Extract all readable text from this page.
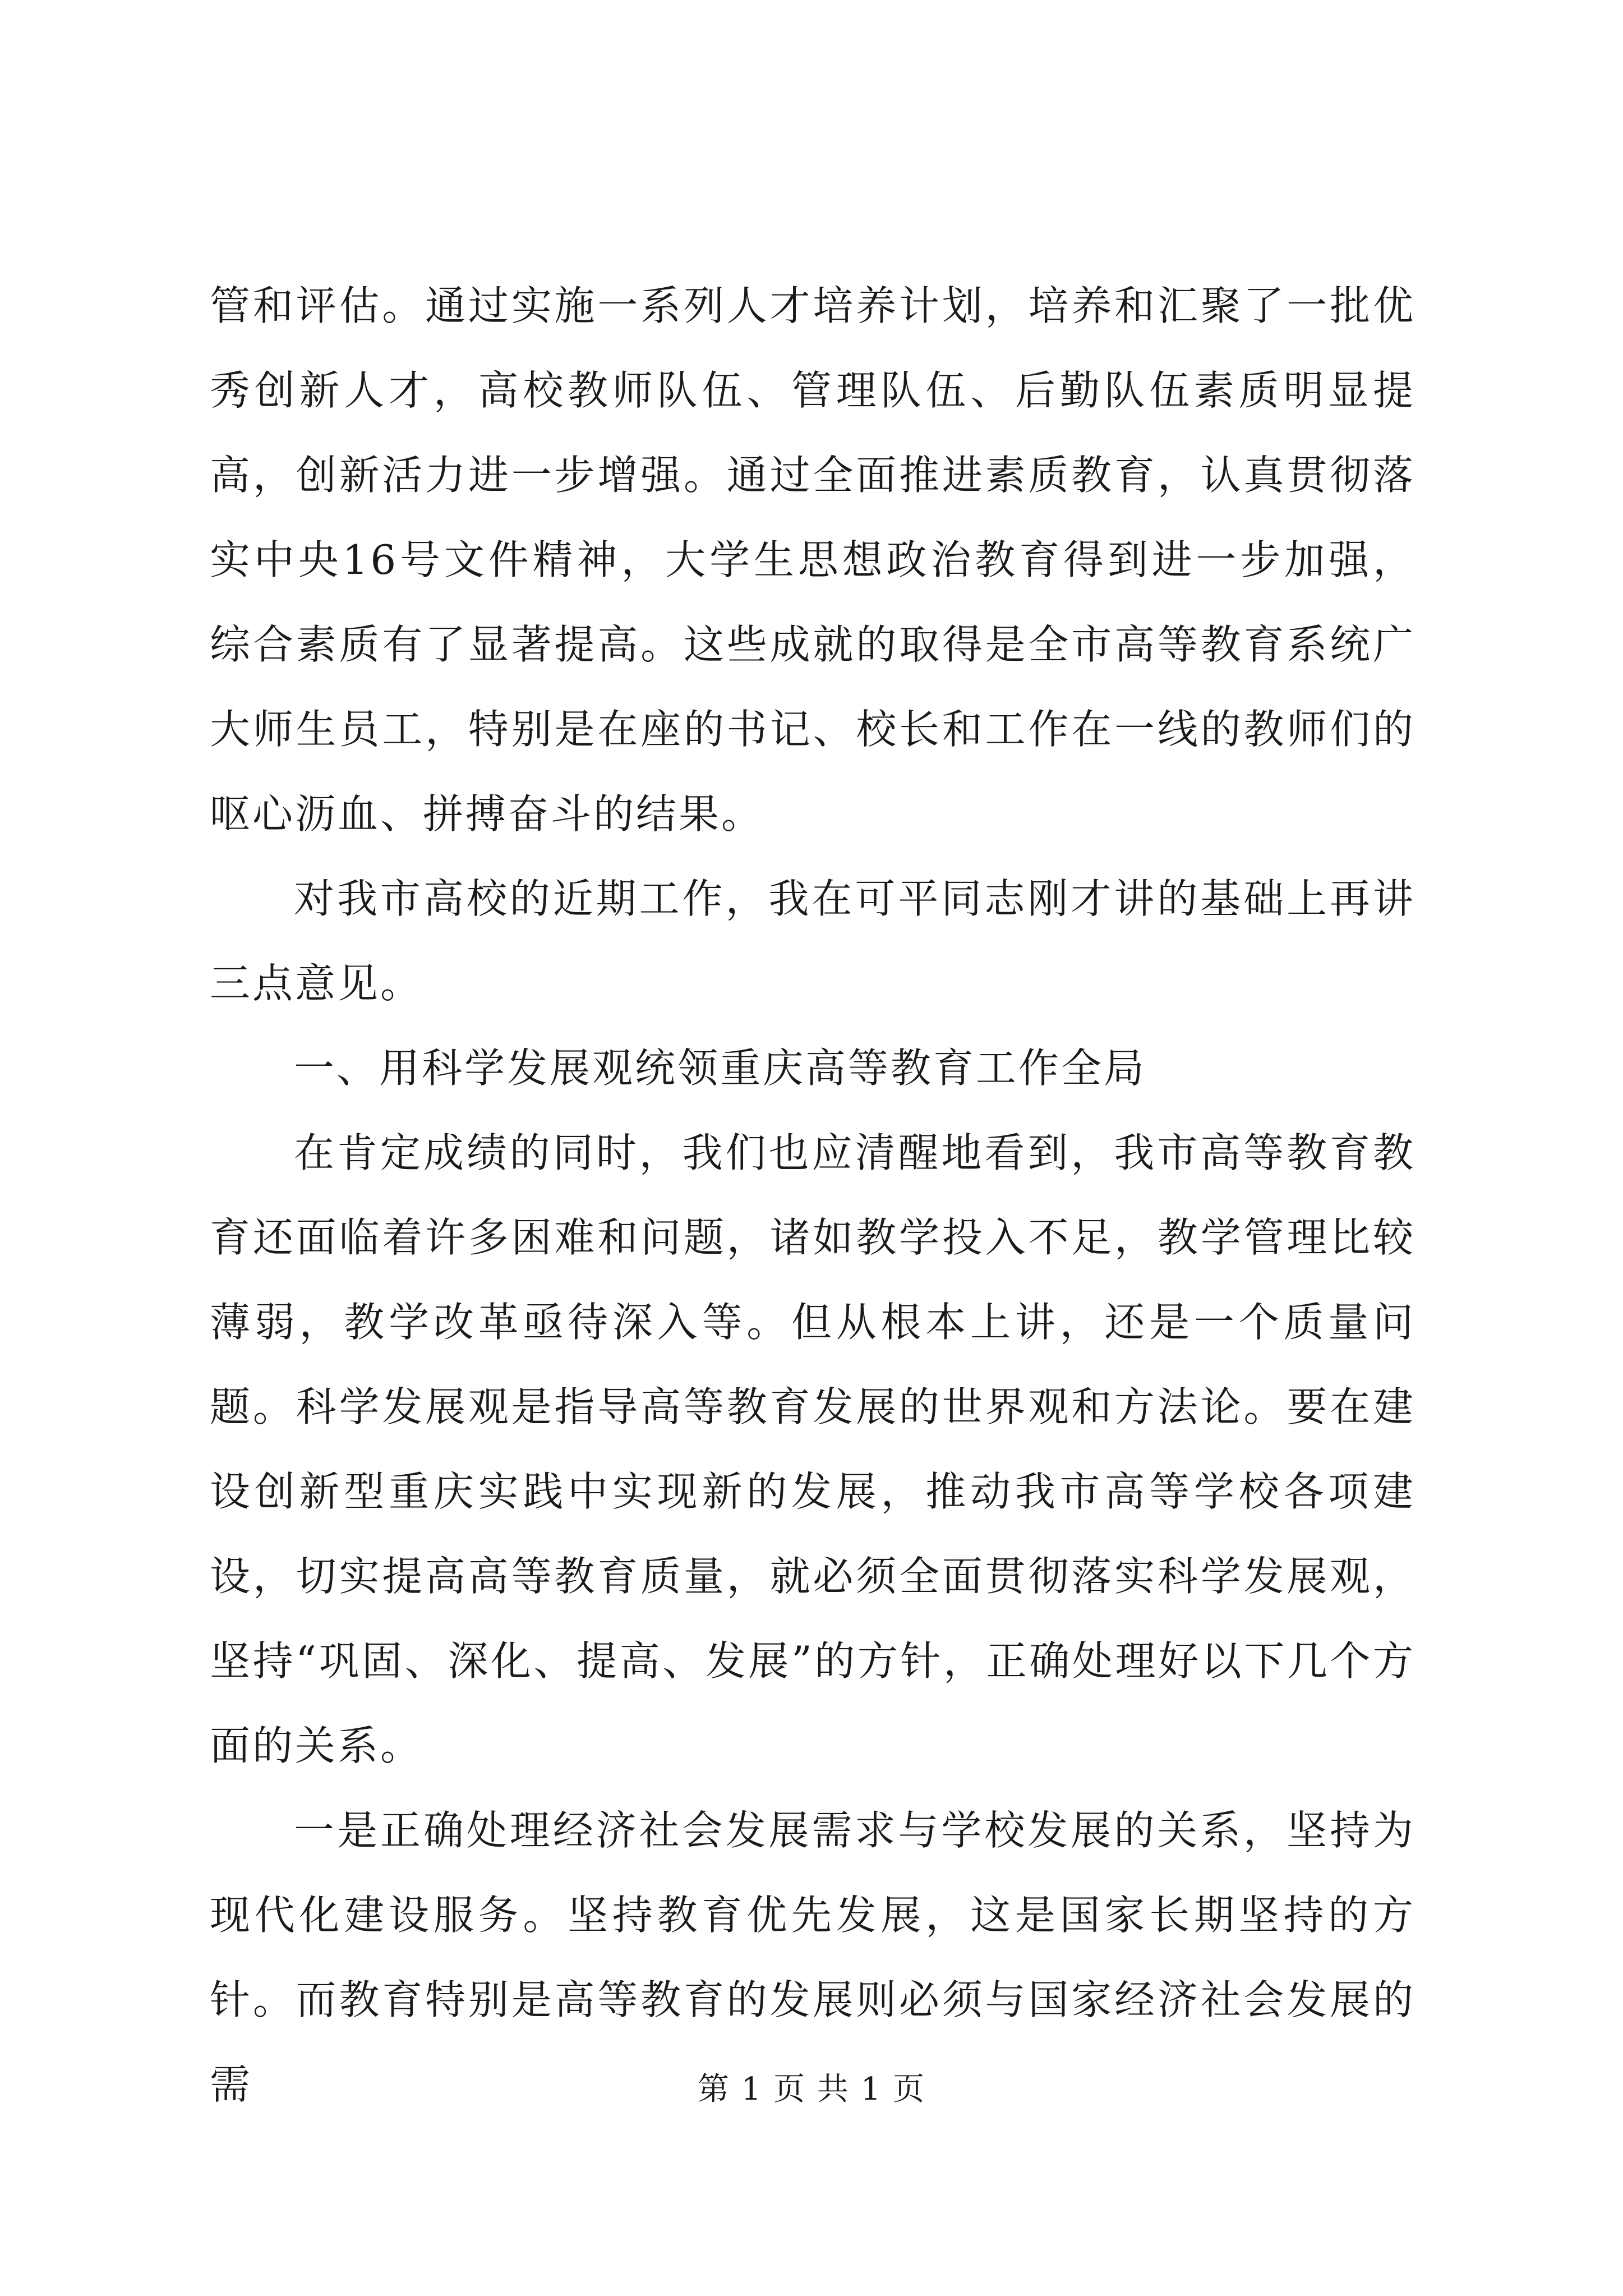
管和评估。通过实施一系列人才培养计划，培养和汇聚了一批优秀创新人才，高校教师队伍、管理队伍、后勤队伍素质明显提高，创新活力进一步增强。通过全面推进素质教育，认真贯彻落实中央16号文件精神，大学生思想政治教育得到进一步加强，综合素质有了显著提高。这些成就的取得是全市高等教育系统广大师生员工，特别是在座的书记、校长和工作在一线的教师们的呕心沥血、拼搏奋斗的结果。

对我市高校的近期工作，我在可平同志刚才讲的基础上再讲三点意见。

一、用科学发展观统领重庆高等教育工作全局

在肯定成绩的同时，我们也应清醒地看到，我市高等教育教育还面临着许多困难和问题，诸如教学投入不足，教学管理比较薄弱，教学改革亟待深入等。但从根本上讲，还是一个质量问题。科学发展观是指导高等教育发展的世界观和方法论。要在建设创新型重庆实践中实现新的发展，推动我市高等学校各项建设，切实提高高等教育质量，就必须全面贯彻落实科学发展观，坚持“巩固、深化、提高、发展”的方针，正确处理好以下几个方面的关系。

一是正确处理经济社会发展需求与学校发展的关系，坚持为现代化建设服务。坚持教育优先发展，这是国家长期坚持的方针。而教育特别是高等教育的发展则必须与国家经济社会发展的需	第 1 页 共 1 页
